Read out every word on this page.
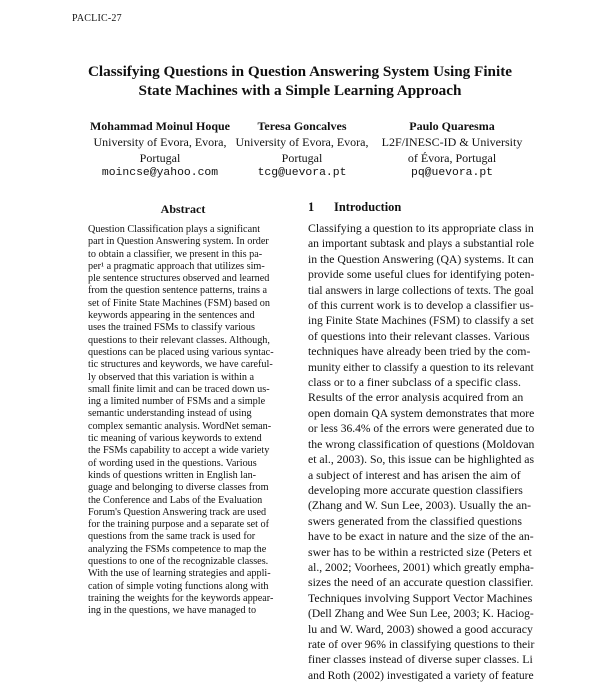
PACLIC-27
Classifying Questions in Question Answering System Using Finite
State Machines with a Simple Learning Approach
Mohammad Moinul Hoque
University of Evora, Evora,
Portugal
moincse@yahoo.com
Teresa Goncalves
University of Evora, Evora,
Portugal
tcg@uevora.pt
Paulo Quaresma
L2F/INESC-ID & University
of Évora, Portugal
pq@uevora.pt
Abstract
Question Classification plays a significant
part in Question Answering system. In order
to obtain a classifier, we present in this pa-
per¹ a pragmatic approach that utilizes sim-
ple sentence structures observed and learned
from the question sentence patterns, trains a
set of Finite State Machines (FSM) based on
keywords appearing in the sentences and
uses the trained FSMs to classify various
questions to their relevant classes. Although,
questions can be placed using various syntac-
tic structures and keywords, we have careful-
ly observed that this variation is within a
small finite limit and can be traced down us-
ing a limited number of FSMs and a simple
semantic understanding instead of using
complex semantic analysis. WordNet seman-
tic meaning of various keywords to extend
the FSMs capability to accept a wide variety
of wording used in the questions. Various
kinds of questions written in English lan-
guage and belonging to diverse classes from
the Conference and Labs of the Evaluation
Forum's Question Answering track are used
for the training purpose and a separate set of
questions from the same track is used for
analyzing the FSMs competence to map the
questions to one of the recognizable classes.
With the use of learning strategies and appli-
cation of simple voting functions along with
training the weights for the keywords appear-
ing in the questions, we have managed to
1 Introduction
Classifying a question to its appropriate class in
an important subtask and plays a substantial role
in the Question Answering (QA) systems. It can
provide some useful clues for identifying poten-
tial answers in large collections of texts. The goal
of this current work is to develop a classifier us-
ing Finite State Machines (FSM) to classify a set
of questions into their relevant classes. Various
techniques have already been tried by the com-
munity either to classify a question to its relevant
class or to a finer subclass of a specific class.
Results of the error analysis acquired from an
open domain QA system demonstrates that more
or less 36.4% of the errors were generated due to
the wrong classification of questions (Moldovan
et al., 2003). So, this issue can be highlighted as
a subject of interest and has arisen the aim of
developing more accurate question classifiers
(Zhang and W. Sun Lee, 2003). Usually the an-
swers generated from the classified questions
have to be exact in nature and the size of the an-
swer has to be within a restricted size (Peters et
al., 2002; Voorhees, 2001) which greatly empha-
sizes the need of an accurate question classifier.
Techniques involving Support Vector Machines
(Dell Zhang and Wee Sun Lee, 2003; K. Haciog-
lu and W. Ward, 2003) showed a good accuracy
rate of over 96% in classifying questions to their
finer classes instead of diverse super classes. Li
and Roth (2002) investigated a variety of feature
